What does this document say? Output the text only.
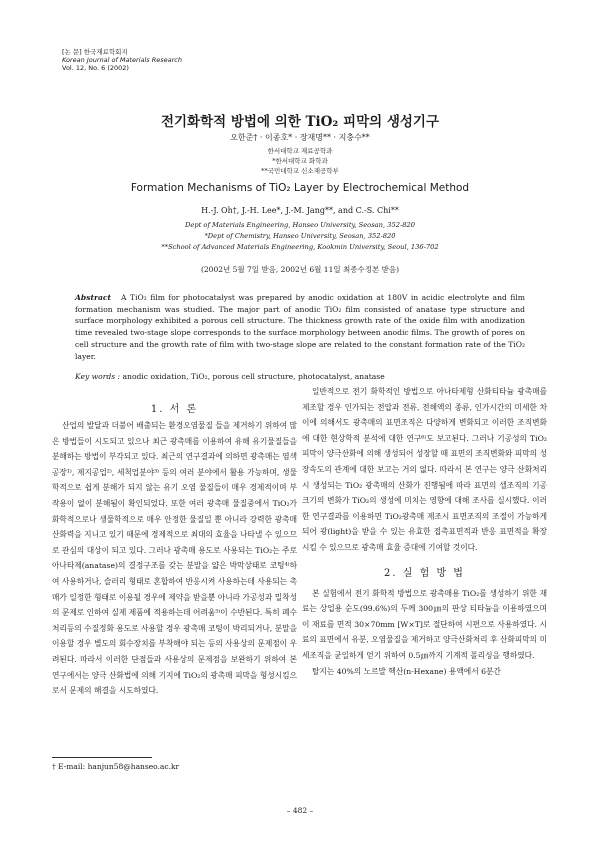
[논 문] 한국재료학회지
Korean Journal of Materials Research
Vol. 12, No. 6 (2002)
전기화학적 방법에 의한 TiO₂ 피막의 생성기구
오한준† · 이종호* · 장재명** · 지충수**
한서대학교 재료공학과
*한서대학교 화학과
**국민대학교 신소재공학부
Formation Mechanisms of TiO₂ Layer by Electrochemical Method
H.-J. Oh†, J.-H. Lee*, J.-M. Jang**, and C.-S. Chi**
Dept of Materials Engineering, Hanseo University, Seosan, 352-820
*Dept of Chemistry, Hanseo University, Seosan, 352-820
**School of Advanced Materials Engineering, Kookmin University, Seoul, 136-702
(2002년 5월 7일 받음, 2002년 6월 11일 최종수정본 받음)
Abstract A TiO₂ film for photocatalyst was prepared by anodic oxidation at 180V in acidic electrolyte and film formation mechanism was studied. The major part of anodic TiO₂ film consisted of anatase type structure and surface morphology exhibited a porous cell structure. The thickness growth rate of the oxide film with anodization time revealed two-stage slope corresponds to the surface morphology between anodic films. The growth of pores on cell structure and the growth rate of film with two-stage slope are related to the constant formation rate of the TiO₂ layer.
Key words : anodic oxidation, TiO₂, porous cell structure, photocatalyst, anatase
1. 서 론

산업의 발달과 더불어 배출되는 환경오염물질 들을 제거하기 위하여 많은 방법들이 시도되고 있으나 최근 광촉매를 이용하여 유해 유기물질들을 분해하는 방법이 부각되고 있다. 최근의 연구결과에 의하면 광촉매는 염색공장¹⁾, 제지공업²⁾, 세척업분야³⁾ 등의 여러 분야에서 활용 가능하며, 생물학적으로 쉽게 분해가 되지 않는 유기 오염 물질들이 매우 경제적이며 부작용이 없이 분해됨이 확인되었다. 또한 여러 광촉매 물질중에서 TiO₂가 화학적으로나 생물학적으로 매우 안정한 물질일 뿐 아니라 강력한 광촉매 산화력을 지니고 있기 때문에 경제적으로 최대의 효율을 나타낼 수 있으므로 관심의 대상이 되고 있다. 그러나 광촉매 용도로 사용되는 TiO₂는 주로 아나타제(anatase)의 결정구조를 갖는 분말을 얇은 박막상태로 코팅⁴⁾하여 사용하거나, 슬러리 형태로 혼합하여 반응시켜 사용하는데 사용되는 촉매가 일정한 형태로 이용될 경우에 제약을 받을뿐 아니라 가공성과 밀착성의 문제로 인하여 실제 제품에 적용하는데 어려움⁵⁾이 수반된다. 특히 폐수 처리등의 수질정화 용도로 사용할 경우 광촉매 코팅이 박리되거나, 분말을 이용할 경우 별도의 회수장치를 부착해야 되는 등의 사용상의 문제점이 우려된다. 따라서 이러한 단점들과 사용상의 문제점을 보완하기 위하여 본 연구에서는 양극 산화법에 의해 기지에 TiO₂의 광촉매 피막을 형성시킴으로서 문제의 해결을 시도하였다.

일반적으로 전기 화학적인 방법으로 아나타제형 산화티타늄 광촉매를 제조할 경우 인가되는 전압과 전류, 전해액의 종류, 인가시간의 미세한 차이에 의해서도 광촉매의 표면조직은 다양하게 변화되고 이러한 조직변화에 대한 현상학적 분석에 대한 연구⁶⁾도 보고된다. 그러나 기공성의 TiO₂ 피막이 양극산화에 의해 생성되어 성장할 때 표면의 조직변화와 피막의 성장속도의 관계에 대한 보고는 거의 없다. 따라서 본 연구는 양극 산화처리 시 생성되는 TiO₂ 광촉매의 산화가 진행됨에 따라 표면의 셀조직의 기공크기의 변화가 TiO₂의 생성에 미치는 영향에 대해 조사를 실시했다. 이러한 연구결과를 이용하면 TiO₂광촉매 제조시 표면조직의 조절이 가능하게 되어 광(light)을 받을 수 있는 유효한 접촉표면적과 반응 표면적을 확장시킬 수 있으므로 광촉매 효율 증대에 기여할 것이다.

2. 실 험 방 법

본 실험에서 전기 화학적 방법으로 광촉매용 TiO₂를 생성하기 위한 재료는 상업용 순도(99.6%)의 두께 300㎛의 판상 티타늄을 이용하였으며 이 재료를 면적 30×70mm [W×T]로 절단하여 시편으로 사용하였다. 시료의 표면에서 유분, 오염물질을 제거하고 양극산화처리 후 산화피막의 미세조직을 균일하게 얻기 위하여 0.5㎛까지 기계적 폴리싱을 행하였다.

탈지는 40%의 노르말 헥산(n-Hexane) 용액에서 6분간

† E-mail: hanjun58@hanseo.ac.kr
– 482 –
